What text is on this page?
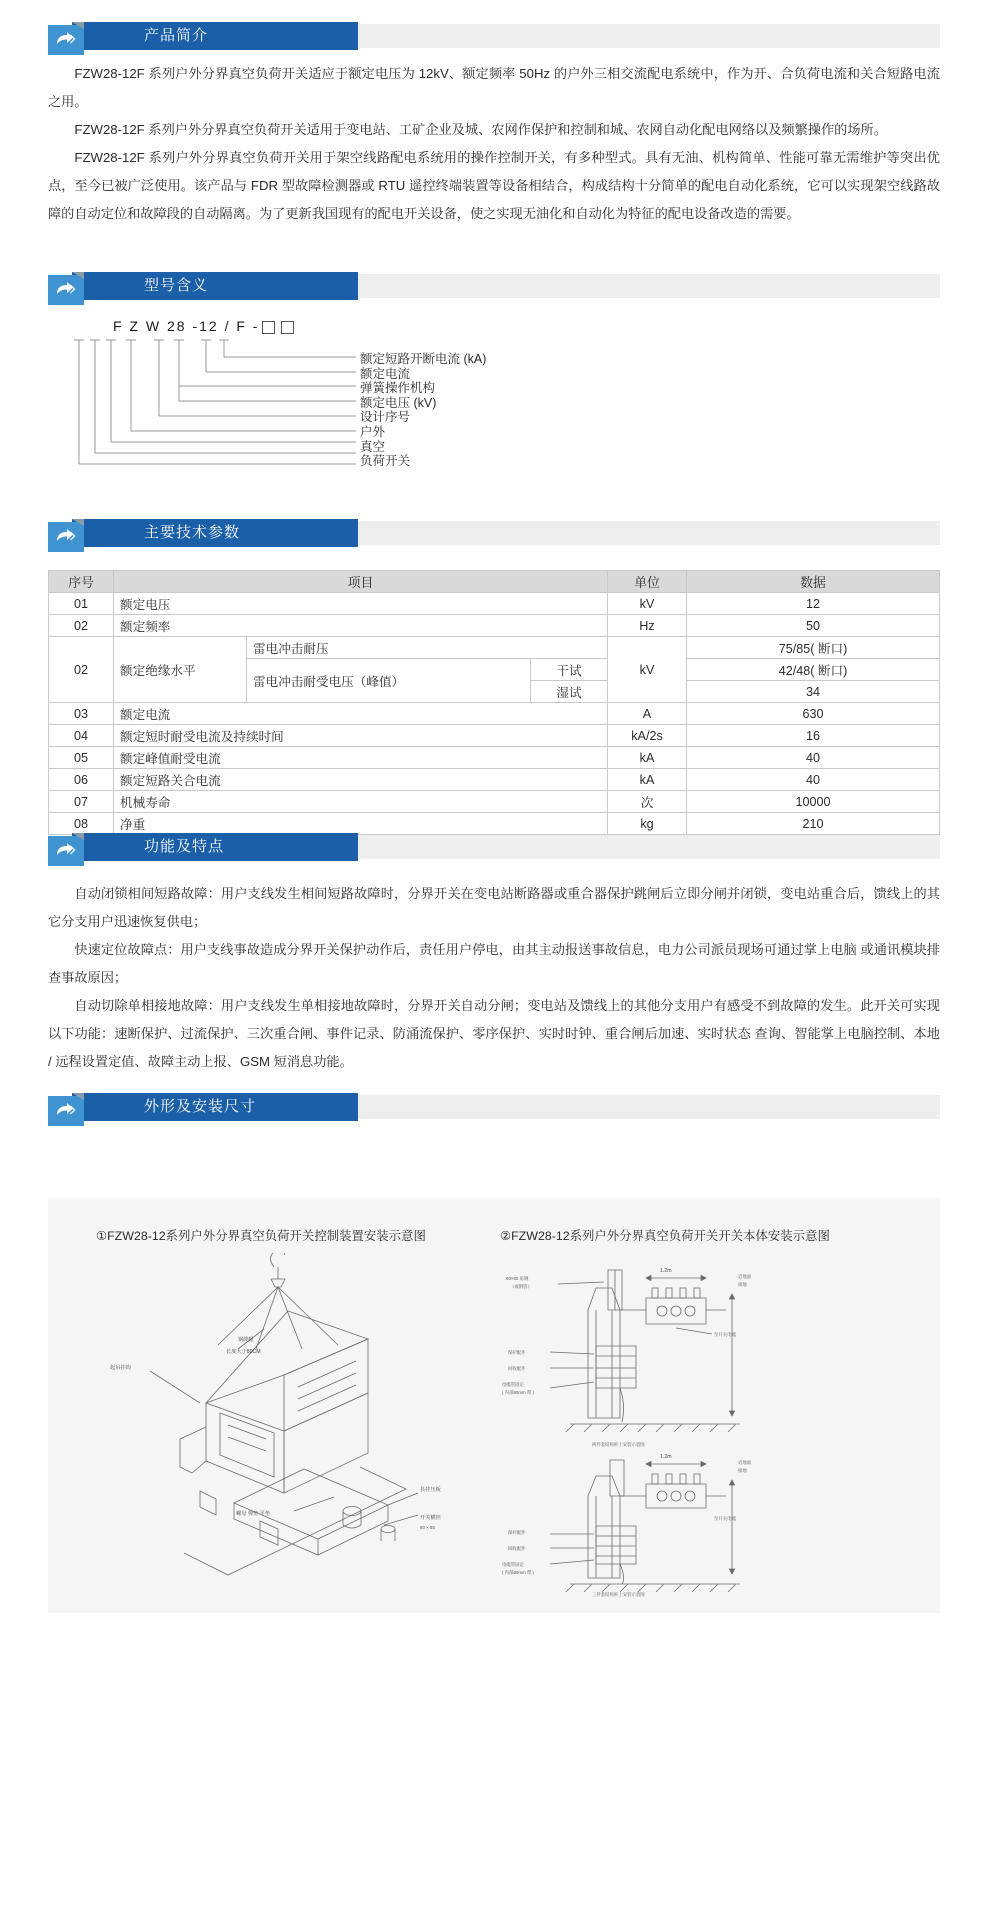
产品简介

FZW28-12F 系列户外分界真空负荷开关适应于额定电压为 12kV、额定频率 50Hz 的户外三相交流配电系统中，作为开、合负荷电流和关合短路电流之用。

FZW28-12F 系列户外分界真空负荷开关适用于变电站、工矿企业及城、农网作保护和控制和城、农网自动化配电网络以及频繁操作的场所。

FZW28-12F 系列户外分界真空负荷开关用于架空线路配电系统用的操作控制开关，有多种型式。具有无油、机构简单、性能可靠无需维护等突出优点，至今已被广泛使用。该产品与 FDR 型故障检测器或 RTU 遥控终端装置等设备相结合，构成结构十分简单的配电自动化系统，它可以实现架空线路故障的自动定位和故障段的自动隔离。为了更新我国现有的配电开关设备，使之实现无油化和自动化为特征的配电设备改造的需要。

型号含义
F Z W 28 -12 / F -
额定短路开断电流 (kA)
额定电流
弹簧操作机构
额定电压 (kV)
设计序号
户外
真空
负荷开关
主要技术参数
序号	项目			单位	数据
01	额定电压			kV	12
02	额定频率			Hz	50
02	额定绝缘水平	雷电冲击耐压		kV	75/85( 断口)
		雷电冲击耐受电压（峰值）	干试		42/48( 断口)
			湿试		34
03	额定电流			A	630
04	额定短时耐受电流及持续时间			kA/2s	16
05	额定峰值耐受电流			kA	40
06	额定短路关合电流			kA	40
07	机械寿命			次	10000
08	净重			kg	210
功能及特点

自动闭锁相间短路故障：用户支线发生相间短路故障时，分界开关在变电站断路器或重合器保护跳闸后立即分闸并闭锁，变电站重合后，馈线上的其它分支用户迅速恢复供电；

快速定位故障点：用户支线事故造成分界开关保护动作后，责任用户停电，由其主动报送事故信息，电力公司派员现场可通过掌上电脑 或通讯模块排查事故原因；

自动切除单相接地故障：用户支线发生单相接地故障时，分界开关自动分闸；变电站及馈线上的其他分支用户有感受不到故障的发生。此开关可实现以下功能：速断保护、过流保护、三次重合闸、事件记录、防涌流保护、零序保护、实时时钟、重合闸后加速、实时状态 查询、智能掌上电脑控制、本地 / 远程设置定值、故障主动上报、GSM 短消息功能。

外形及安装尺寸
①FZW28-12系列户外分界真空负荷开关控制装置安装示意图	②FZW28-12系列户外分界真空负荷开关开关本体安装示意图
起吊挂钩
钢缆绳
长度大于80CM
螺母 弹垫 平垫
县挂压板
开关横担
80 × 85
60×60 角钢
（或钢管）
1.2m
近地面
接地
至开关电缆
保护配件
回收配件
电缆管固定
( 内部90mm 带 )
两件套结构杆上安装示意图
1.2m
近地面
接地
至开关电缆
保杆配件
回收配件
电缆管固定
( 内部90mm 带 )
三件套结构杆上安装示意图
